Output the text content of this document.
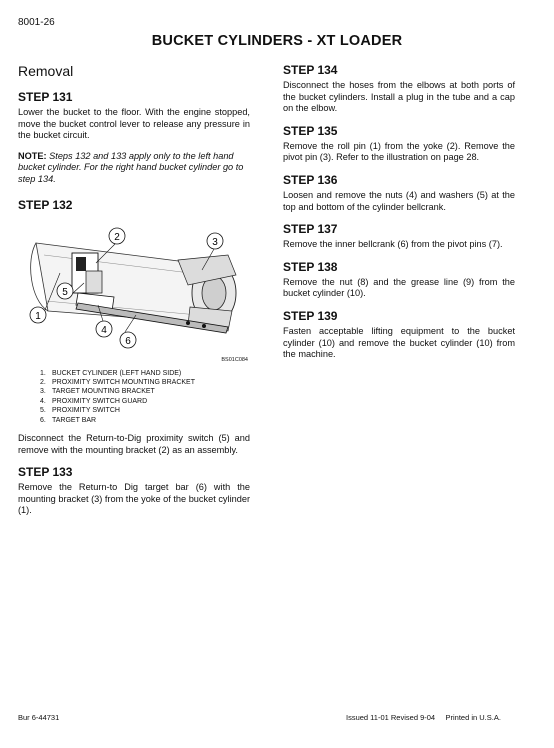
8001-26
BUCKET CYLINDERS - XT LOADER
Removal
STEP 131
Lower the bucket to the floor. With the engine stopped, move the bucket control lever to release any pressure in the bucket circuit.
NOTE: Steps 132 and 133 apply only to the left hand bucket cylinder. For the right hand bucket cylinder go to step 134.
STEP 132
1
2	3
4
5
6
BS01C084
1. BUCKET CYLINDER (LEFT HAND SIDE)
2. PROXIMITY SWITCH MOUNTING BRACKET
3. TARGET MOUNTING BRACKET
4. PROXIMITY SWITCH GUARD
5. PROXIMITY SWITCH
6. TARGET BAR
Disconnect the Return-to-Dig proximity switch (5) and remove with the mounting bracket (2) as an assembly.
STEP 133
Remove the Return-to Dig target bar (6) with the mounting bracket (3) from the yoke of the bucket cylinder (1).
STEP 134
Disconnect the hoses from the elbows at both ports of the bucket cylinders. Install a plug in the tube and a cap on the elbow.
STEP 135
Remove the roll pin (1) from the yoke (2). Remove the pivot pin (3). Refer to the illustration on page 28.
STEP 136
Loosen and remove the nuts (4) and washers (5) at the top and bottom of the cylinder bellcrank.
STEP 137
Remove the inner bellcrank (6) from the pivot pins (7).
STEP 138
Remove the nut (8) and the grease line (9) from the bucket cylinder (10).
STEP 139
Fasten acceptable lifting equipment to the bucket cylinder (10) and remove the bucket cylinder (10) from the machine.
Bur 6-44731	Issued 11-01 Revised 9-04     Printed in U.S.A.
